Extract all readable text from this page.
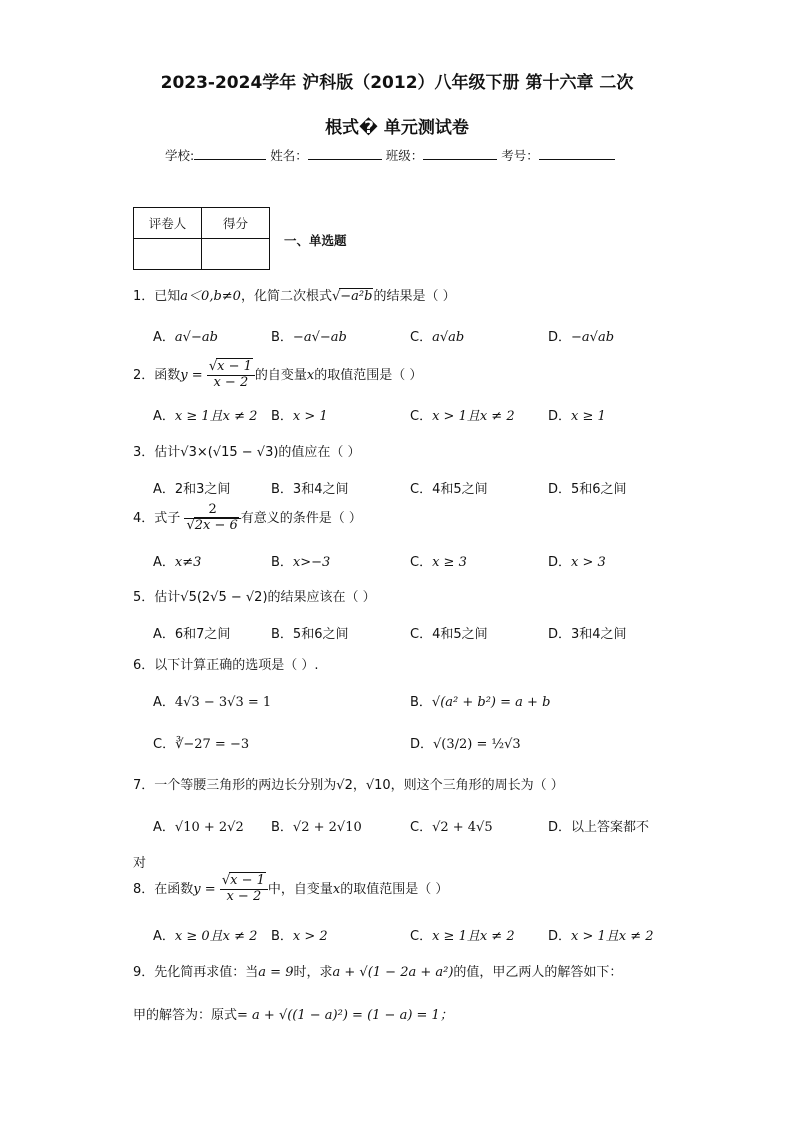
2023-2024学年 沪科版（2012）八年级下册 第十六章 二次
根式� 单元测试卷
学校:	姓名：	班级：	考号：
评卷人	得分

一、单选题
1．已知a＜0,b≠0，化简二次根式√−a²b的结果是（ ）
A．a√−ab	B．−a√−ab	C．a√ab	D．−a√ab
2．函数$y = \frac{√x - 1}{x - 2}$ 的自变量x的取值范围是（ ）
A．x ≥ 1且x ≠ 2 B．x > 1	C．x > 1且x ≠ 2	D．x ≥ 1
3．估计√3×(√15 − √3)的值应在（ ）
A．2和3之间	B．3和4之间	C．4和5之间	D．5和6之间
4．式子 $\frac{2}{√2x - 6}$ 有意义的条件是（ ）
A．x≠3	B．x>−3	C．x ≥ 3	D．x > 3
5．估计√5(2√5 − √2)的结果应该在（ ）
A．6和7之间	B．5和6之间	C．4和5之间	D．3和4之间
6．以下计算正确的选项是（ ）.
A．4√3 − 3√3 = 1	B．√(a² + b²) = a + b
C．∛−27 = −3	D．√(3/2) = ½√3
7．一个等腰三角形的两边长分别为√2，√10，则这个三角形的周长为（ ）
A．√10 + 2√2 B．√2 + 2√10	C．√2 + 4√5	D．以上答案都不
对
8．在函数$y = \frac{√x - 1}{x - 2}$ 中，自变量x的取值范围是（ ）
A．x ≥ 0且x ≠ 2 B．x > 2	C．x ≥ 1且x ≠ 2	D．x > 1且x ≠ 2
9．先化简再求值：当a = 9时，求a + √(1 − 2a + a²)的值，甲乙两人的解答如下：
甲的解答为：原式= a + √((1 − a)²) = (1 − a) = 1；
